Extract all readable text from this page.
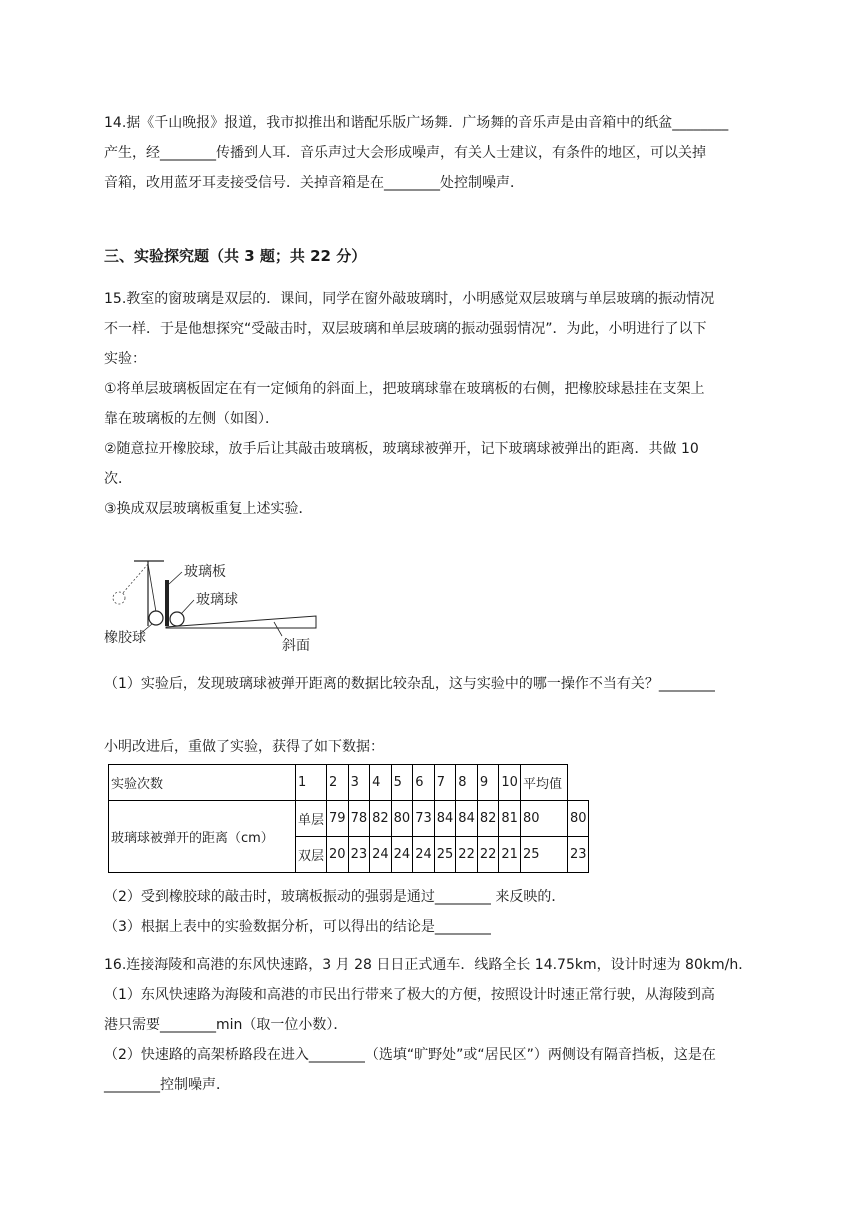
14.据《千山晚报》报道，我市拟推出和谐配乐版广场舞．广场舞的音乐声是由音箱中的纸盆________

产生，经________传播到人耳．音乐声过大会形成噪声，有关人士建议，有条件的地区，可以关掉

音箱，改用蓝牙耳麦接受信号．关掉音箱是在________处控制噪声．

三、实验探究题（共 3 题；共 22 分）

15.教室的窗玻璃是双层的．课间，同学在窗外敲玻璃时，小明感觉双层玻璃与单层玻璃的振动情况

不一样．于是他想探究“受敲击时，双层玻璃和单层玻璃的振动强弱情况”．为此，小明进行了以下

实验：

①将单层玻璃板固定在有一定倾角的斜面上，把玻璃球靠在玻璃板的右侧，把橡胶球悬挂在支架上

靠在玻璃板的左侧（如图）．

②随意拉开橡胶球，放手后让其敲击玻璃板，玻璃球被弹开，记下玻璃球被弹出的距离．共做 10

次．

③换成双层玻璃板重复上述实验．

玻璃板
玻璃球
橡胶球	斜面

（1）实验后，发现玻璃球被弹开距离的数据比较杂乱，这与实验中的哪一操作不当有关？________

小明改进后，重做了实验，获得了如下数据：

实验次数	1	2	3	4	5	6	7	8	9	10	平均值	
玻璃球被弹开的距离（cm）	单层	79	78	82	80	73	84	84	82	81	80	80
	双层	20	23	24	24	24	25	22	22	21	25	23

（2）受到橡胶球的敲击时，玻璃板振动的强弱是通过________ 来反映的．

（3）根据上表中的实验数据分析，可以得出的结论是________

16.连接海陵和高港的东风快速路，3 月 28 日日正式通车．线路全长 14.75km，设计时速为 80km/h．

（1）东风快速路为海陵和高港的市民出行带来了极大的方便，按照设计时速正常行驶，从海陵到高

港只需要________min（取一位小数）．

（2）快速路的高架桥路段在进入________（选填“旷野处”或“居民区”）两侧设有隔音挡板，这是在

________控制噪声．
